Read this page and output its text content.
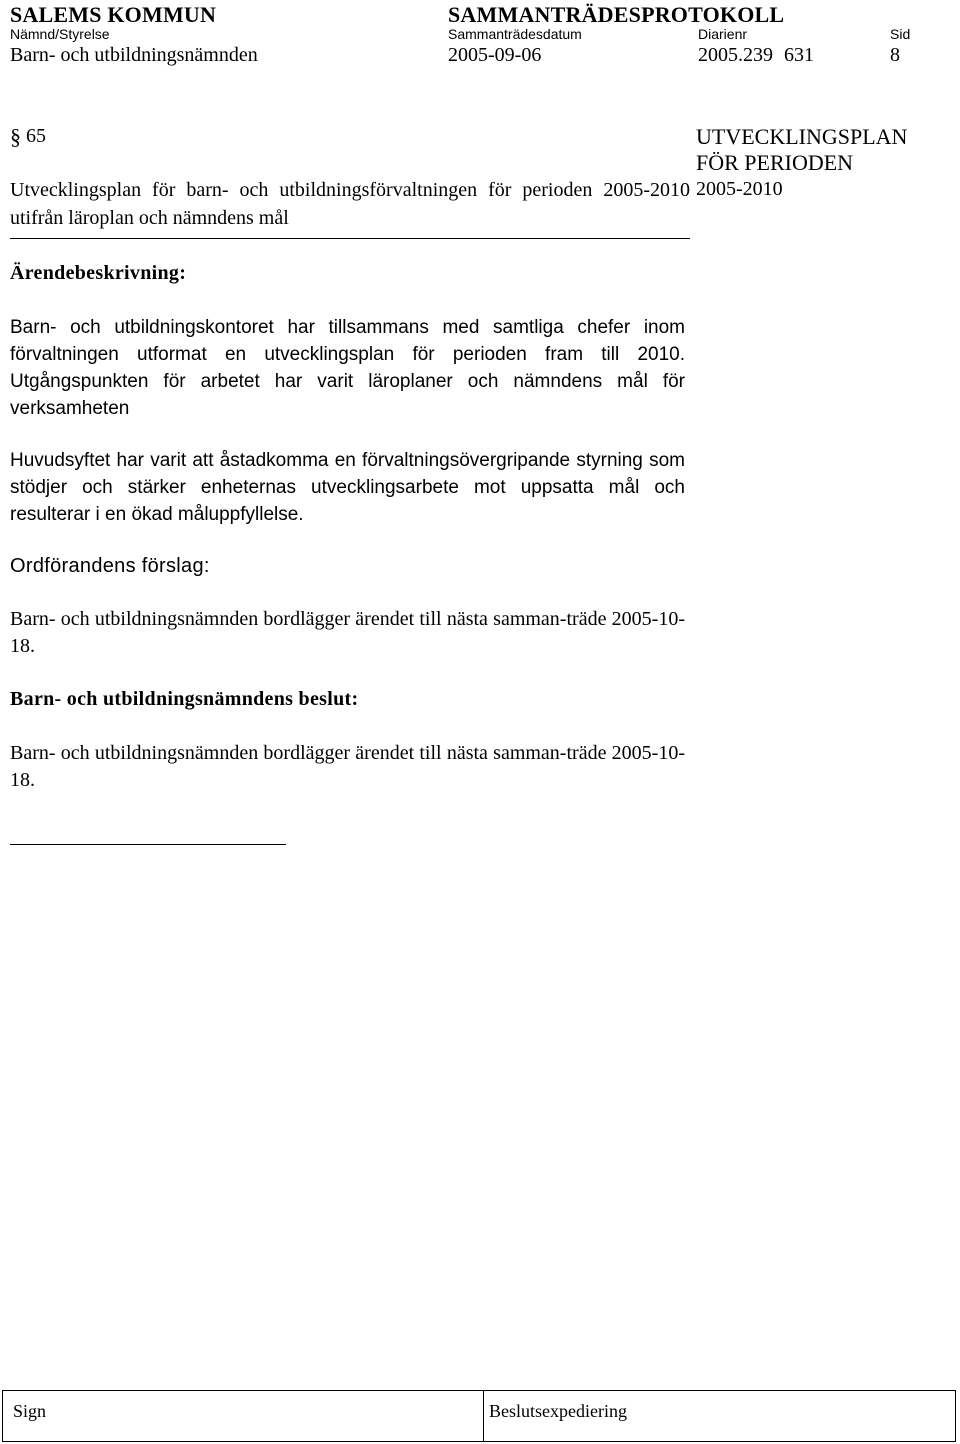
SALEMS KOMMUN	SAMMANTRÄDESPROTOKOLL
Nämnd/Styrelse	Sammanträdesdatum	Diarienr	Sid
Barn- och utbildningsnämnden	2005-09-06	2005.239 631	8
§ 65
Utvecklingsplan för barn- och utbildningsförvaltningen för perioden 2005-2010 utifrån läroplan och nämndens mål
UTVECKLINGSPLAN
FÖR PERIODEN
2005-2010
Ärendebeskrivning:
Barn- och utbildningskontoret har tillsammans med samtliga chefer inom förvaltningen utformat en utvecklingsplan för perioden fram till 2010. Utgångspunkten för arbetet har varit läroplaner och nämndens mål för verksamheten
Huvudsyftet har varit att åstadkomma en förvaltningsövergripande styrning som stödjer och stärker enheternas utvecklingsarbete mot uppsatta mål och resulterar i en ökad måluppfyllelse.
Ordförandens förslag:
Barn- och utbildningsnämnden bordlägger ärendet till nästa samman-träde 2005-10-18.
Barn- och utbildningsnämndens beslut:
Barn- och utbildningsnämnden bordlägger ärendet till nästa samman-träde 2005-10-18.
Sign	Beslutsexpediering
